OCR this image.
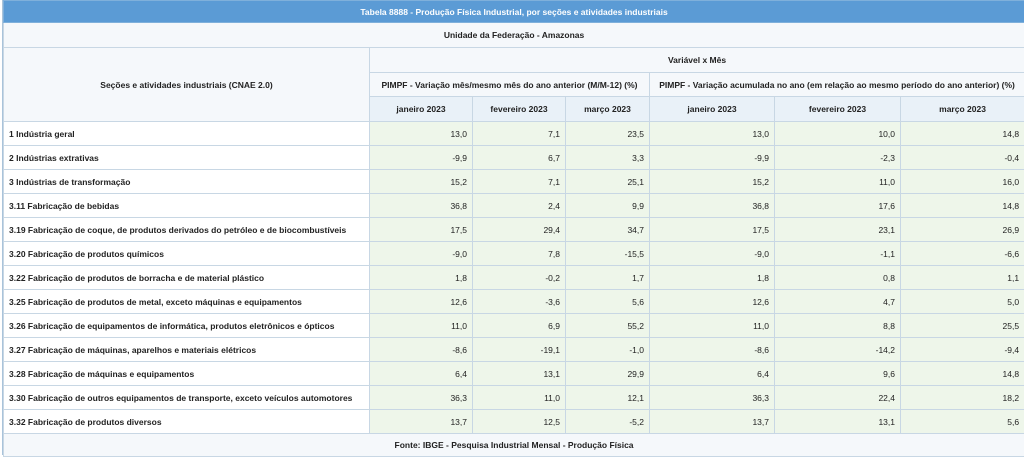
Tabela 8888 - Produção Física Industrial, por seções e atividades industriais						
Unidade da Federação - Amazonas						
Seções e atividades industriais (CNAE 2.0)	Variável x Mês					
	PIMPF - Variação mês/mesmo mês do ano anterior (M/M-12) (%)			PIMPF - Variação acumulada no ano (em relação ao mesmo período do ano anterior) (%)		
	janeiro 2023	fevereiro 2023	março 2023	janeiro 2023	fevereiro 2023	março 2023
1 Indústria geral	13,0	7,1	23,5	13,0	10,0	14,8
2 Indústrias extrativas	-9,9	6,7	3,3	-9,9	-2,3	-0,4
3 Indústrias de transformação	15,2	7,1	25,1	15,2	11,0	16,0
3.11 Fabricação de bebidas	36,8	2,4	9,9	36,8	17,6	14,8
3.19 Fabricação de coque, de produtos derivados do petróleo e de biocombustíveis	17,5	29,4	34,7	17,5	23,1	26,9
3.20 Fabricação de produtos químicos	-9,0	7,8	-15,5	-9,0	-1,1	-6,6
3.22 Fabricação de produtos de borracha e de material plástico	1,8	-0,2	1,7	1,8	0,8	1,1
3.25 Fabricação de produtos de metal, exceto máquinas e equipamentos	12,6	-3,6	5,6	12,6	4,7	5,0
3.26 Fabricação de equipamentos de informática, produtos eletrônicos e ópticos	11,0	6,9	55,2	11,0	8,8	25,5
3.27 Fabricação de máquinas, aparelhos e materiais elétricos	-8,6	-19,1	-1,0	-8,6	-14,2	-9,4
3.28 Fabricação de máquinas e equipamentos	6,4	13,1	29,9	6,4	9,6	14,8
3.30 Fabricação de outros equipamentos de transporte, exceto veículos automotores	36,3	11,0	12,1	36,3	22,4	18,2
3.32 Fabricação de produtos diversos	13,7	12,5	-5,2	13,7	13,1	5,6
Fonte: IBGE - Pesquisa Industrial Mensal - Produção Física						
